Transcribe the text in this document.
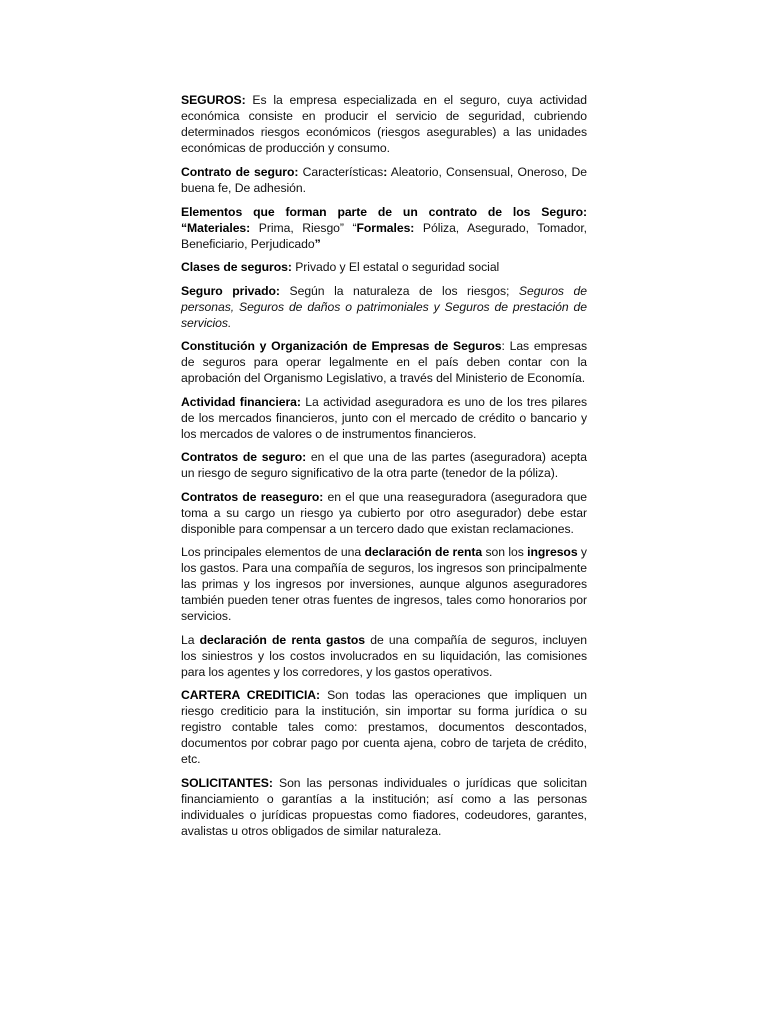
SEGUROS: Es la empresa especializada en el seguro, cuya actividad económica consiste en producir el servicio de seguridad, cubriendo determinados riesgos económicos (riesgos asegurables) a las unidades económicas de producción y consumo.

Contrato de seguro: Características: Aleatorio, Consensual, Oneroso, De buena fe, De adhesión.

Elementos que forman parte de un contrato de los Seguro: “Materiales: Prima, Riesgo” “Formales: Póliza, Asegurado, Tomador, Beneficiario, Perjudicado”

Clases de seguros: Privado y El estatal o seguridad social

Seguro privado: Según la naturaleza de los riesgos; Seguros de personas, Seguros de daños o patrimoniales y Seguros de prestación de servicios.

Constitución y Organización de Empresas de Seguros: Las empresas de seguros para operar legalmente en el país deben contar con la aprobación del Organismo Legislativo, a través del Ministerio de Economía.

Actividad financiera: La actividad aseguradora es uno de los tres pilares de los mercados financieros, junto con el mercado de crédito o bancario y los mercados de valores o de instrumentos financieros.

Contratos de seguro: en el que una de las partes (aseguradora) acepta un riesgo de seguro significativo de la otra parte (tenedor de la póliza).

Contratos de reaseguro: en el que una reaseguradora (aseguradora que toma a su cargo un riesgo ya cubierto por otro asegurador) debe estar disponible para compensar a un tercero dado que existan reclamaciones.

Los principales elementos de una declaración de renta son los ingresos y los gastos. Para una compañía de seguros, los ingresos son principalmente las primas y los ingresos por inversiones, aunque algunos aseguradores también pueden tener otras fuentes de ingresos, tales como honorarios por servicios.

La declaración de renta gastos de una compañía de seguros, incluyen los siniestros y los costos involucrados en su liquidación, las comisiones para los agentes y los corredores, y los gastos operativos.

CARTERA CREDITICIA: Son todas las operaciones que impliquen un riesgo crediticio para la institución, sin importar su forma jurídica o su registro contable tales como: prestamos, documentos descontados, documentos por cobrar pago por cuenta ajena, cobro de tarjeta de crédito, etc.

SOLICITANTES: Son las personas individuales o jurídicas que solicitan financiamiento o garantías a la institución; así como a las personas individuales o jurídicas propuestas como fiadores, codeudores, garantes, avalistas u otros obligados de similar naturaleza.
